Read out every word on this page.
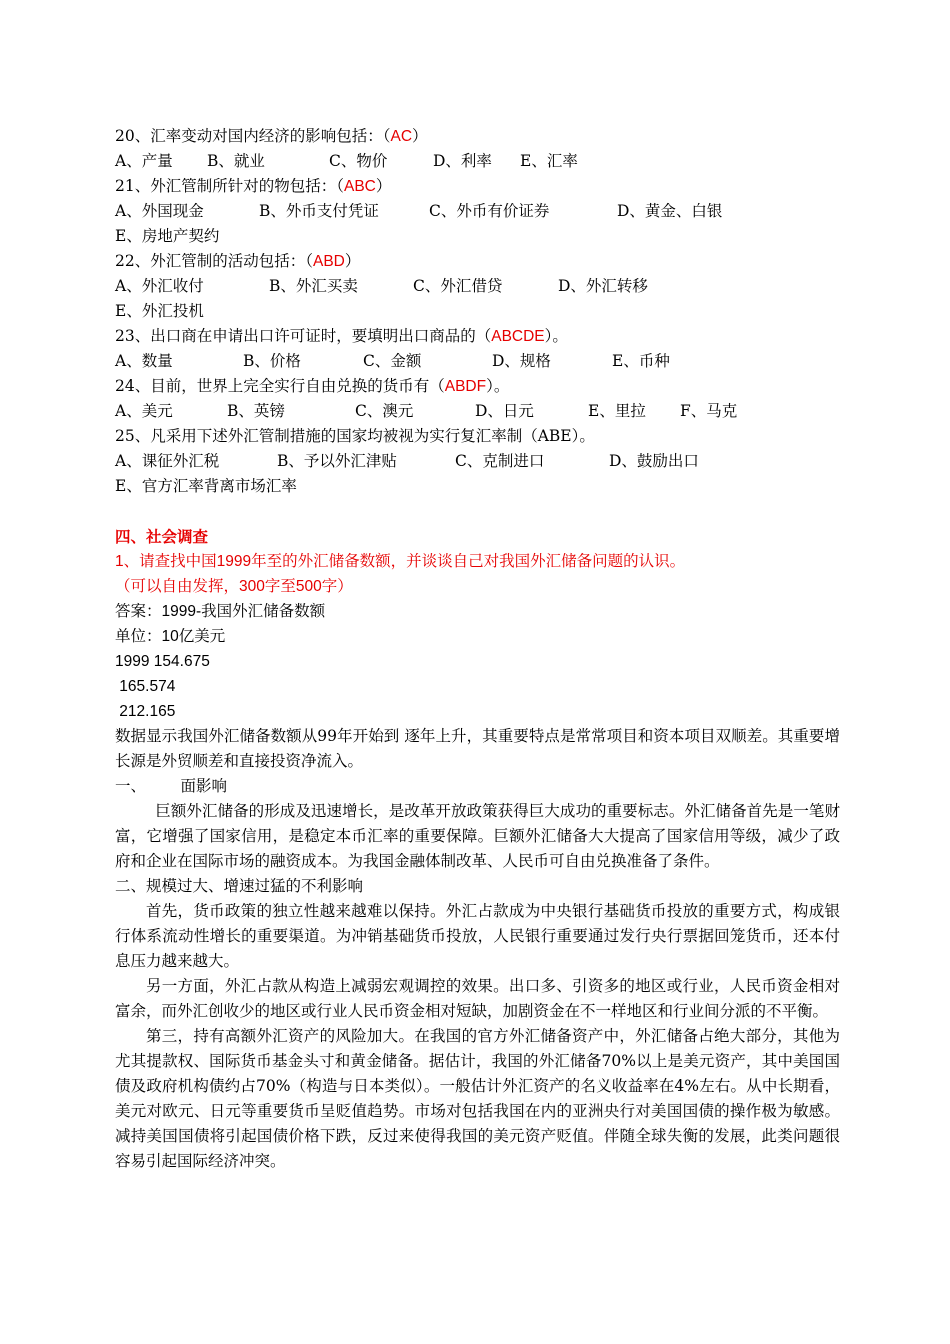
20、汇率变动对国内经济的影响包括：（AC）
A、产量 B、就业	C、物价	D、利率 E、汇率
21、外汇管制所针对的物包括：（ABC）
A、外国现金	B、外币支付凭证	C、外币有价证券	D、黄金、白银
E、房地产契约
22、外汇管制的活动包括：（ABD）
A、外汇收付	B、外汇买卖	C、外汇借贷	D、外汇转移
E、外汇投机
23、出口商在申请出口许可证时，要填明出口商品的（ABCDE）。
A、数量	B、价格	C、金额	D、规格	E、币种
24、目前，世界上完全实行自由兑换的货币有（ABDF）。
A、美元	B、英镑	C、澳元	D、日元	E、里拉 F、马克
25、凡采用下述外汇管制措施的国家均被视为实行复汇率制（ABE）。
A、课征外汇税	B、予以外汇津贴	C、克制进口	D、鼓励出口
E、官方汇率背离市场汇率
四、社会调查
1、请查找中国1999年至的外汇储备数额，并谈谈自己对我国外汇储备问题的认识。
（可以自由发挥，300字至500字）
答案：1999-我国外汇储备数额
单位：10亿美元
1999 154.675
165.574
212.165
数据显示我国外汇储备数额从99年开始到 逐年上升，其重要特点是常常项目和资本项目双顺差。其重要增长源是外贸顺差和直接投资净流入。
一、       面影响
巨额外汇储备的形成及迅速增长，是改革开放政策获得巨大成功的重要标志。外汇储备首先是一笔财富，它增强了国家信用，是稳定本币汇率的重要保障。巨额外汇储备大大提高了国家信用等级，减少了政府和企业在国际市场的融资成本。为我国金融体制改革、人民币可自由兑换准备了条件。
二、规模过大、增速过猛的不利影响
首先，货币政策的独立性越来越难以保持。外汇占款成为中央银行基础货币投放的重要方式，构成银行体系流动性增长的重要渠道。为冲销基础货币投放，人民银行重要通过发行央行票据回笼货币，还本付息压力越来越大。
另一方面，外汇占款从构造上减弱宏观调控的效果。出口多、引资多的地区或行业，人民币资金相对富余，而外汇创收少的地区或行业人民币资金相对短缺，加剧资金在不一样地区和行业间分派的不平衡。
第三，持有高额外汇资产的风险加大。在我国的官方外汇储备资产中，外汇储备占绝大部分，其他为尤其提款权、国际货币基金头寸和黄金储备。据估计，我国的外汇储备70%以上是美元资产，其中美国国债及政府机构债约占70%（构造与日本类似）。一般估计外汇资产的名义收益率在4%左右。从中长期看，美元对欧元、日元等重要货币呈贬值趋势。市场对包括我国在内的亚洲央行对美国国债的操作极为敏感。减持美国国债将引起国债价格下跌，反过来使得我国的美元资产贬值。伴随全球失衡的发展，此类问题很容易引起国际经济冲突。
